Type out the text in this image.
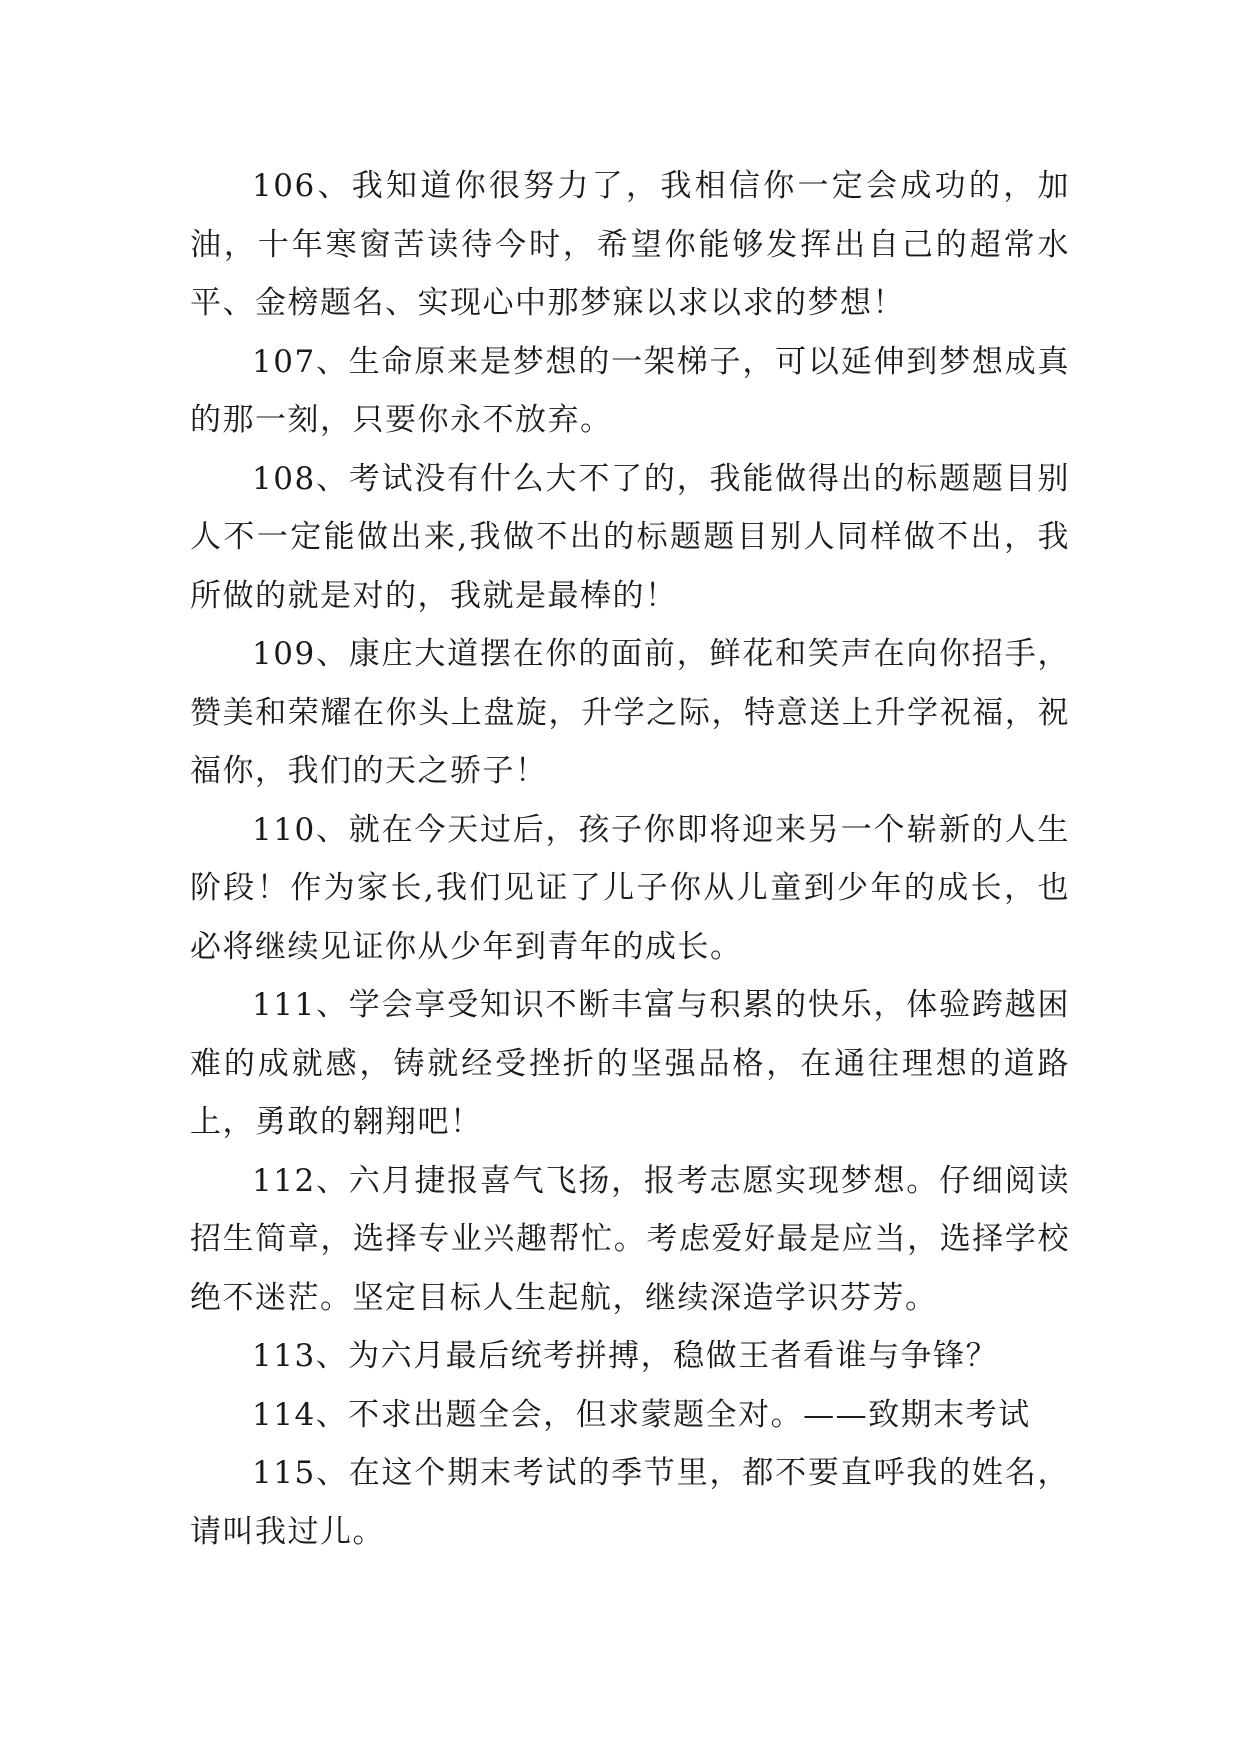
106、我知道你很努力了，我相信你一定会成功的，加油，十年寒窗苦读待今时，希望你能够发挥出自己的超常水平、金榜题名、实现心中那梦寐以求以求的梦想！

107、生命原来是梦想的一架梯子，可以延伸到梦想成真的那一刻，只要你永不放弃。

108、考试没有什么大不了的，我能做得出的标题题目别人不一定能做出来,我做不出的标题题目别人同样做不出，我所做的就是对的，我就是最棒的！

109、康庄大道摆在你的面前，鲜花和笑声在向你招手，赞美和荣耀在你头上盘旋，升学之际，特意送上升学祝福，祝福你，我们的天之骄子！

110、就在今天过后，孩子你即将迎来另一个崭新的人生阶段！作为家长,我们见证了儿子你从儿童到少年的成长，也必将继续见证你从少年到青年的成长。

111、学会享受知识不断丰富与积累的快乐，体验跨越困难的成就感，铸就经受挫折的坚强品格，在通往理想的道路上，勇敢的翱翔吧！

112、六月捷报喜气飞扬，报考志愿实现梦想。仔细阅读招生简章，选择专业兴趣帮忙。考虑爱好最是应当，选择学校绝不迷茫。坚定目标人生起航，继续深造学识芬芳。

113、为六月最后统考拼搏，稳做王者看谁与争锋？

114、不求出题全会，但求蒙题全对。——致期末考试

115、在这个期末考试的季节里，都不要直呼我的姓名，请叫我过儿。
